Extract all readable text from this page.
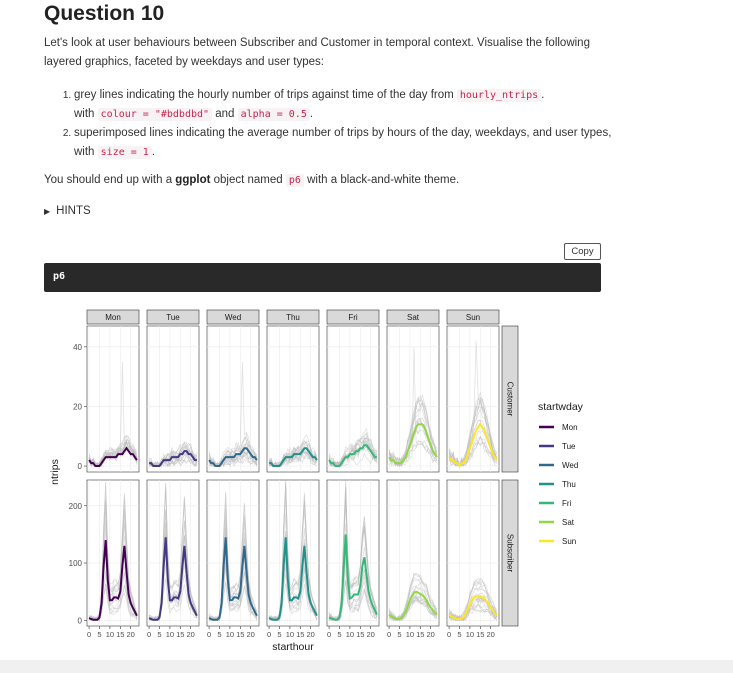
Question 10

Let's look at user behaviours between Subscriber and Customer in temporal context. Visualise the following layered graphics, faceted by weekdays and user types:

1. grey lines indicating the hourly number of trips against time of the day from hourly_ntrips .
with colour = "#bdbdbd" and alpha = 0.5 .
2. superimposed lines indicating the average number of trips by hours of the day, weekdays, and user types, with size = 1 .

You should end up with a ggplot object named p6 with a black-and-white theme.

▶ HINTS
Copy
p6
Mon	Tue	Wed	Thu	Fri	Sat	Sun
Customer
Subscriber
0
20
40
0
100
200
0 5 10 15 20 0 5 10 15 20 0 5 10 15 20 0 5 10 15 20 0 5 10 15 20 0 5 10 15 20 0 5 10 15 20
starthour
ntrips
startwday
Mon
Tue
Wed
Thu
Fri
Sat
Sun
